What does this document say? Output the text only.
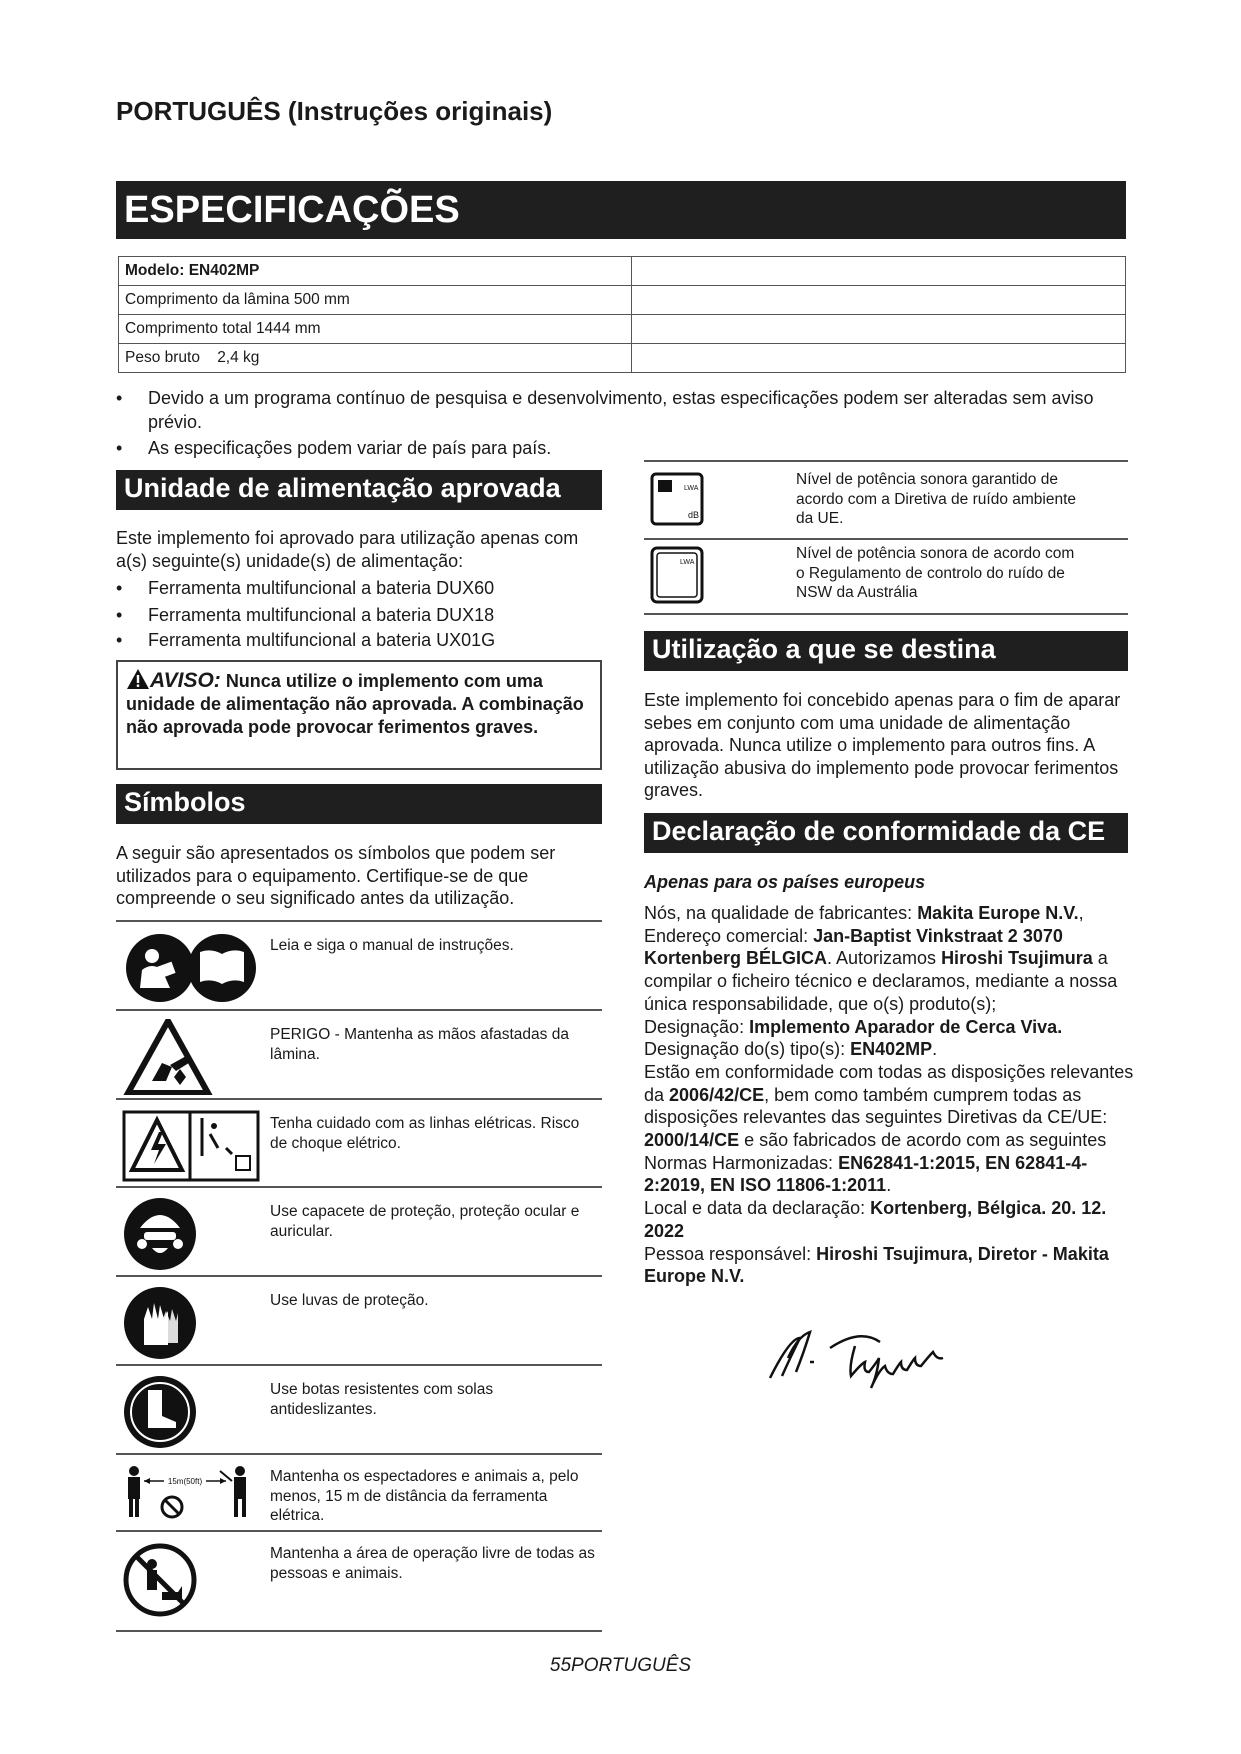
PORTUGUÊS (Instruções originais)
ESPECIFICAÇÕES
Modelo: EN402MP	
Comprimento da lâmina 500 mm	
Comprimento total 1444 mm	
Peso bruto    2,4 kg	
• Devido a um programa contínuo de pesquisa e desenvolvimento, estas especificações podem ser alteradas sem aviso prévio.
• As especificações podem variar de país para país.
Unidade de alimentação aprovada
Este implemento foi aprovado para utilização apenas com a(s) seguinte(s) unidade(s) de alimentação:
• Ferramenta multifuncional a bateria DUX60
• Ferramenta multifuncional a bateria DUX18
• Ferramenta multifuncional a bateria UX01G
AVISO: Nunca utilize o implemento com uma unidade de alimentação não aprovada. A combinação não aprovada pode provocar ferimentos graves.
Símbolos
A seguir são apresentados os símbolos que podem ser utilizados para o equipamento. Certifique-se de que compreende o seu significado antes da utilização.
Leia e siga o manual de instruções.
PERIGO - Mantenha as mãos afastadas da lâmina.
Tenha cuidado com as linhas elétricas. Risco de choque elétrico.
Use capacete de proteção, proteção ocular e auricular.
Use luvas de proteção.
Use botas resistentes com solas antideslizantes.
15m(50ft)	Mantenha os espectadores e animais a, pelo menos, 15 m de distância da ferramenta elétrica.
Mantenha a área de operação livre de todas as pessoas e animais.
LWA
dB
Nível de potência sonora garantido de acordo com a Diretiva de ruído ambiente da UE.
LWA
Nível de potência sonora de acordo com o Regulamento de controlo do ruído de NSW da Austrália
Utilização a que se destina
Este implemento foi concebido apenas para o fim de aparar sebes em conjunto com uma unidade de alimentação aprovada. Nunca utilize o implemento para outros fins. A utilização abusiva do implemento pode provocar ferimentos graves.
Declaração de conformidade da CE
Apenas para os países europeus
Nós, na qualidade de fabricantes: Makita Europe N.V., Endereço comercial: Jan-Baptist Vinkstraat 2 3070 Kortenberg BÉLGICA. Autorizamos Hiroshi Tsujimura a compilar o ficheiro técnico e declaramos, mediante a nossa única responsabilidade, que o(s) produto(s);
Designação: Implemento Aparador de Cerca Viva.
Designação do(s) tipo(s): EN402MP.
Estão em conformidade com todas as disposições relevantes da 2006/42/CE, bem como também cumprem todas as disposições relevantes das seguintes Diretivas da CE/UE: 2000/14/CE e são fabricados de acordo com as seguintes Normas Harmonizadas: EN62841-1:2015, EN 62841-4-2:2019, EN ISO 11806-1:2011.
Local e data da declaração: Kortenberg, Bélgica. 20. 12. 2022
Pessoa responsável: Hiroshi Tsujimura, Diretor - Makita Europe N.V.
55PORTUGUÊS
